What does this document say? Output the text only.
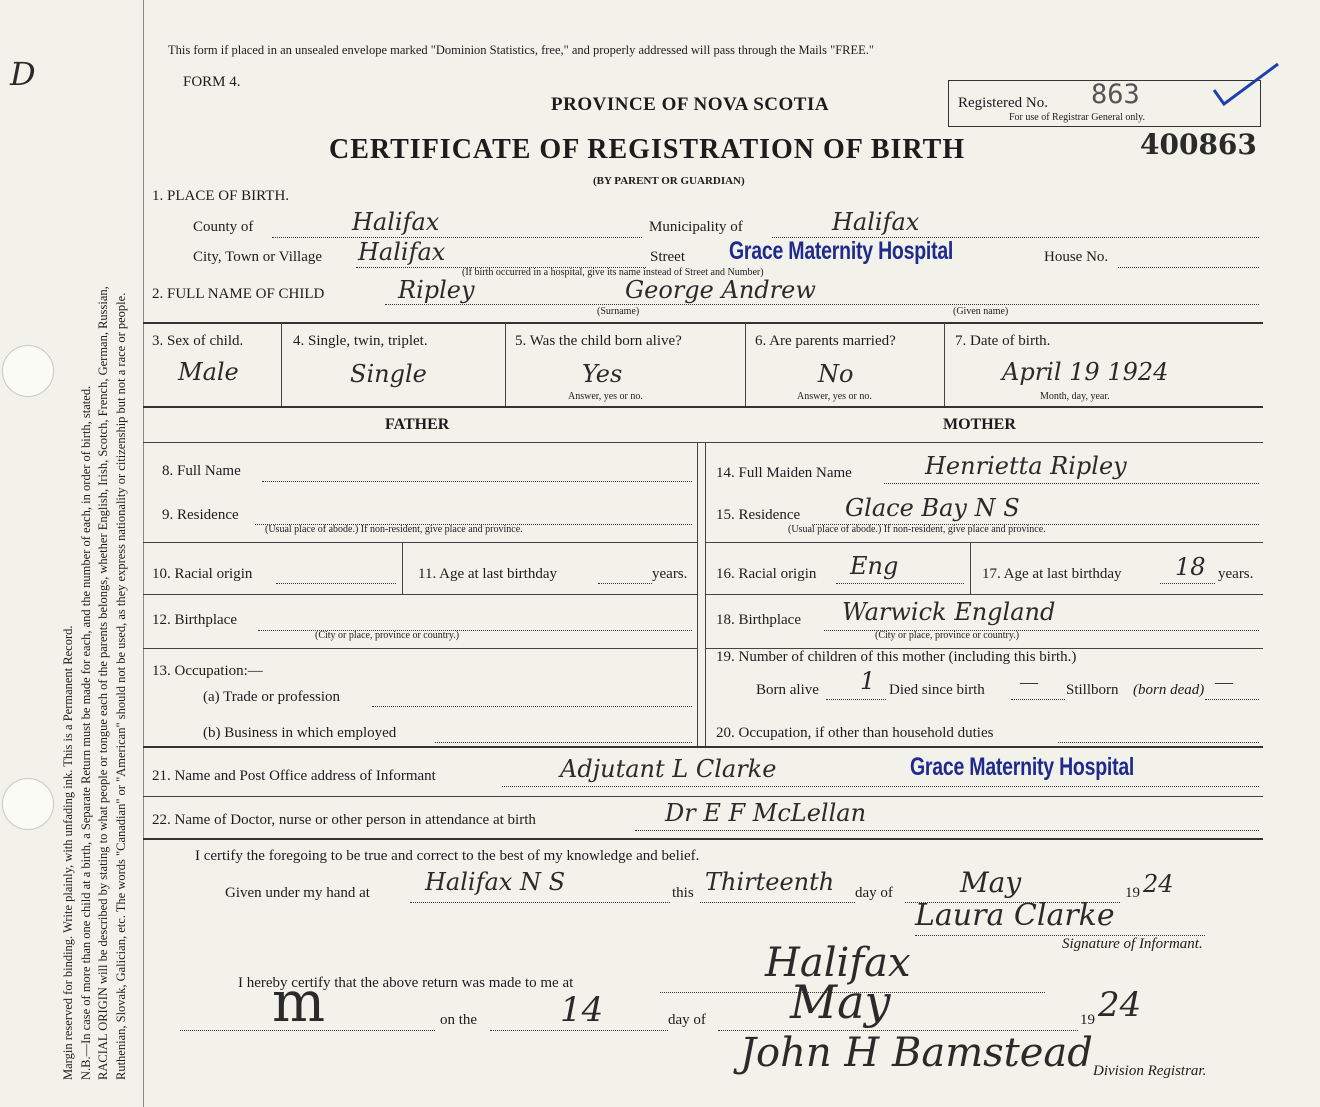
D
Margin reserved for binding. Write plainly, with unfading ink. This is a Permanent Record. N.B.—In case of more than one child at a birth, a Separate Return must be made for each, and the number of each, in order of birth, stated. RACIAL ORIGIN will be described by stating to what people or tongue each of the parents belongs, whether English, Irish, Scotch, French, German, Russian, Ruthenian, Slovak, Galician, etc. The words "Canadian" or "American" should not be used, as they express nationality or citizenship but not a race or people.
This form if placed in an unsealed envelope marked "Dominion Statistics, free," and properly addressed will pass through the Mails "FREE."
FORM 4.
PROVINCE OF NOVA SCOTIA
CERTIFICATE OF REGISTRATION OF BIRTH
(BY PARENT OR GUARDIAN)
Registered No. 863
For use of Registrar General only.
400863
1. PLACE OF BIRTH.
County of	Halifax	Municipality of	Halifax
City, Town or Village Halifax	Street Grace Maternity Hospital	House No.
(If birth occurred in a hospital, give its name instead of Street and Number)
2. FULL NAME OF CHILD	Ripley	George Andrew
(Surname)	(Given name)
3. Sex of child.
Male
4. Single, twin, triplet.
Single
5. Was the child born alive?
Yes
Answer, yes or no.
6. Are parents married?
No
Answer, yes or no.
7. Date of birth.
April 19 1924
Month, day, year.
FATHER	MOTHER
8. Full Name
9. Residence
(Usual place of abode.) If non-resident, give place and province.
10. Racial origin	11. Age at last birthday	years.
12. Birthplace
(City or place, province or country.)
13. Occupation:—
(a) Trade or profession
(b) Business in which employed
14. Full Maiden Name	Henrietta Ripley
15. Residence Glace Bay N S
(Usual place of abode.) If non-resident, give place and province.
16. Racial origin Eng	17. Age at last birthday 18 years.
18. Birthplace Warwick England
(City or place, province or country.)
19. Number of children of this mother (including this birth.)
Born alive 1 Died since birth — Stillborn (born dead) —
20. Occupation, if other than household duties
21. Name and Post Office address of Informant	Adjutant L Clarke	Grace Maternity Hospital
22. Name of Doctor, nurse or other person in attendance at birth	Dr E F McLellan
I certify the foregoing to be true and correct to the best of my knowledge and belief.
Given under my hand at Halifax N S	this Thirteenth day of May	19 24
Laura Clarke
Signature of Informant.
I hereby certify that the above return was made to me at	Halifax
m	on the 14	day of May	19 24
John H Bamstead Division Registrar.
